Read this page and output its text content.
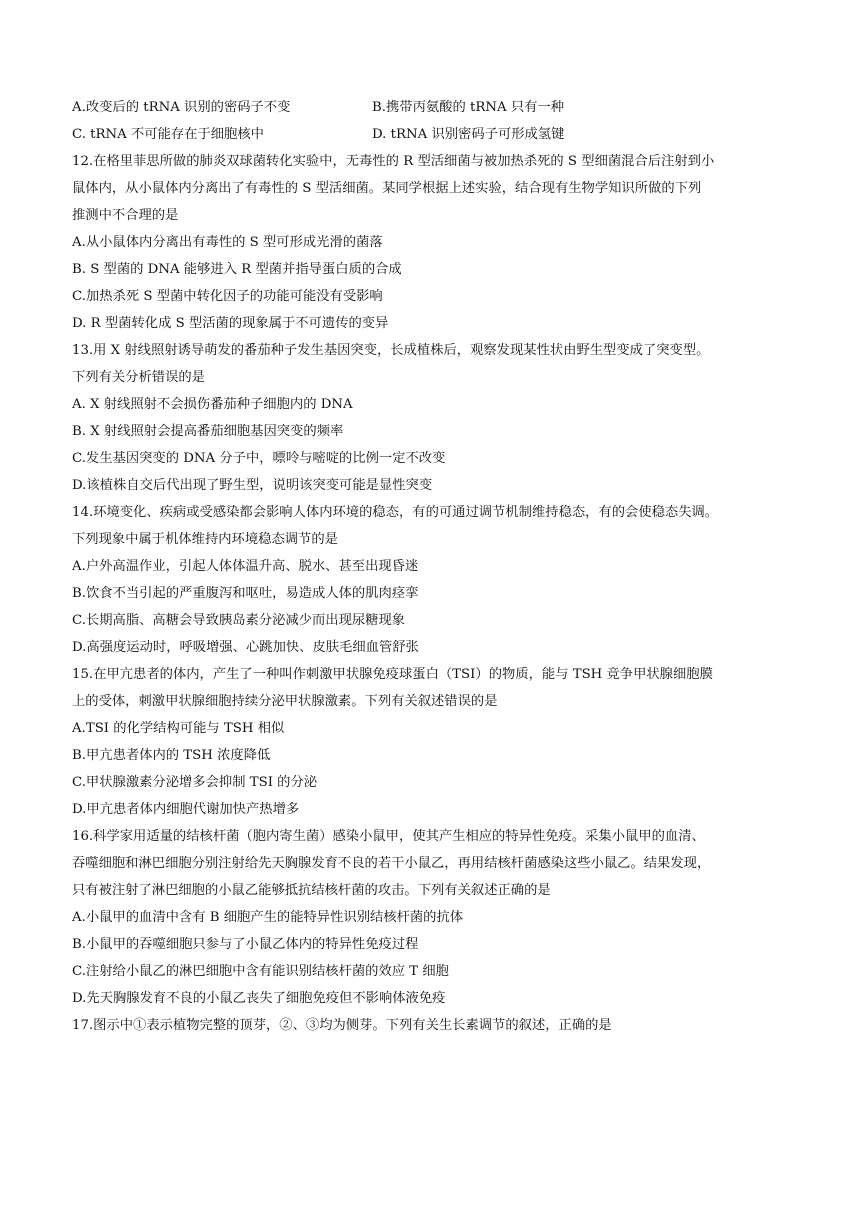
A.改变后的 tRNA 识别的密码子不变	B.携带丙氨酸的 tRNA 只有一种
C. tRNA 不可能存在于细胞核中	D. tRNA 识别密码子可形成氢键
12.在格里菲思所做的肺炎双球菌转化实验中，无毒性的 R 型活细菌与被加热杀死的 S 型细菌混合后注射到小
鼠体内，从小鼠体内分离出了有毒性的 S 型活细菌。某同学根据上述实验，结合现有生物学知识所做的下列
推测中不合理的是
A.从小鼠体内分离出有毒性的 S 型可形成光滑的菌落
B. S 型菌的 DNA 能够进入 R 型菌并指导蛋白质的合成
C.加热杀死 S 型菌中转化因子的功能可能没有受影响
D. R 型菌转化成 S 型活菌的现象属于不可遗传的变异
13.用 X 射线照射诱导萌发的番茄种子发生基因突变，长成植株后，观察发现某性状由野生型变成了突变型。
下列有关分析错误的是
A. X 射线照射不会损伤番茄种子细胞内的 DNA
B. X 射线照射会提高番茄细胞基因突变的频率
C.发生基因突变的 DNA 分子中，嘌呤与嘧啶的比例一定不改变
D.该植株自交后代出现了野生型，说明该突变可能是显性突变
14.环境变化、疾病或受感染都会影响人体内环境的稳态，有的可通过调节机制维持稳态，有的会使稳态失调。
下列现象中属于机体维持内环境稳态调节的是
A.户外高温作业，引起人体体温升高、脱水、甚至出现昏迷
B.饮食不当引起的严重腹泻和呕吐，易造成人体的肌肉痉挛
C.长期高脂、高糖会导致胰岛素分泌减少而出现尿糖现象
D.高强度运动时，呼吸增强、心跳加快、皮肤毛细血管舒张
15.在甲亢患者的体内，产生了一种叫作刺激甲状腺免疫球蛋白（TSI）的物质，能与 TSH 竞争甲状腺细胞膜
上的受体，刺激甲状腺细胞持续分泌甲状腺激素。下列有关叙述错误的是
A.TSI 的化学结构可能与 TSH 相似
B.甲亢患者体内的 TSH 浓度降低
C.甲状腺激素分泌增多会抑制 TSI 的分泌
D.甲亢患者体内细胞代谢加快产热增多
16.科学家用适量的结核杆菌（胞内寄生菌）感染小鼠甲，使其产生相应的特异性免疫。采集小鼠甲的血清、
吞噬细胞和淋巴细胞分别注射给先天胸腺发育不良的若干小鼠乙，再用结核杆菌感染这些小鼠乙。结果发现，
只有被注射了淋巴细胞的小鼠乙能够抵抗结核杆菌的攻击。下列有关叙述正确的是
A.小鼠甲的血清中含有 B 细胞产生的能特异性识别结核杆菌的抗体
B.小鼠甲的吞噬细胞只参与了小鼠乙体内的特异性免疫过程
C.注射给小鼠乙的淋巴细胞中含有能识别结核杆菌的效应 T 细胞
D.先天胸腺发育不良的小鼠乙丧失了细胞免疫但不影响体液免疫
17.图示中①表示植物完整的顶芽，②、③均为侧芽。下列有关生长素调节的叙述，正确的是
